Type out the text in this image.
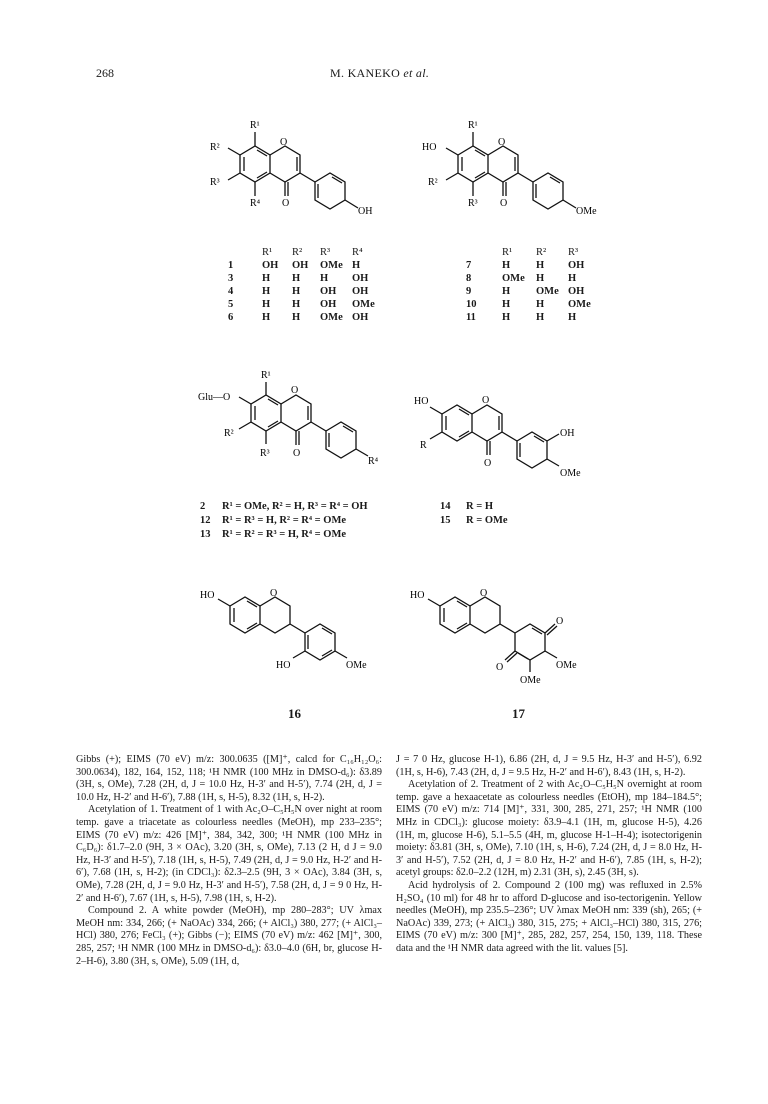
268	M. KANEKO et al.
R¹
R²
R³
R⁴
O
O
OH
R¹
HO
R²
R³
O
O
OMe
	R¹	R²	R³	R⁴
1	OH	OH	OMe	H
3	H	H	H	OH
4	H	H	OH	OH
5	H	H	OH	OMe
6	H	H	OMe	OH
	R¹	R²	R³
7	H	H	OH
8	OMe	H	H
9	H	OMe	OH
10	H	H	OMe
11	H	H	H
R¹
Glu—O
R²
R³
O
O
R⁴
HO
R
O
O
OH
OMe
2 R¹ = OMe, R² = H, R³ = R⁴ = OH
12 R¹ = R³ = H, R² = R⁴ = OMe
13 R¹ = R² = R³ = H, R⁴ = OMe
14 R = H
15 R = OMe
HO	O
HO	OMe
HO	O
O
O	OMe
OMe
16	17

Gibbs (+); EIMS (70 eV) m/z: 300.0635 ([M]⁺, calcd for C₁₆H₁₂O₆: 300.0634), 182, 164, 152, 118; ¹H NMR (100 MHz in DMSO-d₆): δ3.89 (3H, s, OMe), 7.28 (2H, d, J = 10.0 Hz, H-3′ and H-5′), 7.74 (2H, d, J = 10.0 Hz, H-2′ and H-6′), 7.88 (1H, s, H-5), 8.32 (1H, s, H-2).

Acetylation of 1. Treatment of 1 with Ac₂O–C₅H₅N over night at room temp. gave a triacetate as colourless needles (MeOH), mp 233–235°; EIMS (70 eV) m/z: 426 [M]⁺, 384, 342, 300; ¹H NMR (100 MHz in C₆D₆): δ1.7–2.0 (9H, 3 × OAc), 3.20 (3H, s, OMe), 7.13 (2 H, d J = 9.0 Hz, H-3′ and H-5′), 7.18 (1H, s, H-5), 7.49 (2H, d, J = 9.0 Hz, H-2′ and H-6′), 7.68 (1H, s, H-2); (in CDCl₃): δ2.3–2.5 (9H, 3 × OAc), 3.84 (3H, s, OMe), 7.28 (2H, d, J = 9.0 Hz, H-3′ and H-5′), 7.58 (2H, d, J = 9 0 Hz, H-2′ and H-6′), 7.67 (1H, s, H-5), 7.98 (1H, s, H-2).

Compound 2. A white powder (MeOH), mp 280–283°; UV λmax MeOH nm: 334, 266; (+ NaOAc) 334, 266; (+ AlCl₃) 380, 277; (+ AlCl₃–HCl) 380, 276; FeCl₃ (+); Gibbs (−); EIMS (70 eV) m/z: 462 [M]⁺, 300, 285, 257; ¹H NMR (100 MHz in DMSO-d₆): δ3.0–4.0 (6H, br, glucose H-2–H-6), 3.80 (3H, s, OMe), 5.09 (1H, d,

J = 7 0 Hz, glucose H-1), 6.86 (2H, d, J = 9.5 Hz, H-3′ and H-5′), 6.92 (1H, s, H-6), 7.43 (2H, d, J = 9.5 Hz, H-2′ and H-6′), 8.43 (1H, s, H-2).

Acetylation of 2. Treatment of 2 with Ac₂O–C₅H₅N overnight at room temp. gave a hexaacetate as colourless needles (EtOH), mp 184–184.5°; EIMS (70 eV) m/z: 714 [M]⁺, 331, 300, 285, 271, 257; ¹H NMR (100 MHz in CDCl₃): glucose moiety: δ3.9–4.1 (1H, m, glucose H-5), 4.26 (1H, m, glucose H-6), 5.1–5.5 (4H, m, glucose H-1–H-4); isotectorigenin moiety: δ3.81 (3H, s, OMe), 7.10 (1H, s, H-6), 7.24 (2H, d, J = 8.0 Hz, H-3′ and H-5′), 7.52 (2H, d, J = 8.0 Hz, H-2′ and H-6′), 7.85 (1H, s, H-2); acetyl groups: δ2.0–2.2 (12H, m) 2.31 (3H, s), 2.45 (3H, s).

Acid hydrolysis of 2. Compound 2 (100 mg) was refluxed in 2.5% H₂SO₄ (10 ml) for 48 hr to afford D-glucose and iso-tectorigenin. Yellow needles (MeOH), mp 235.5–236°; UV λmax MeOH nm: 339 (sh), 265; (+ NaOAc) 339, 273; (+ AlCl₃) 380, 315, 275; + AlCl₃–HCl) 380, 315, 276; EIMS (70 eV) m/z: 300 [M]⁺, 285, 282, 257, 254, 150, 139, 118. These data and the ¹H NMR data agreed with the lit. values [5].
